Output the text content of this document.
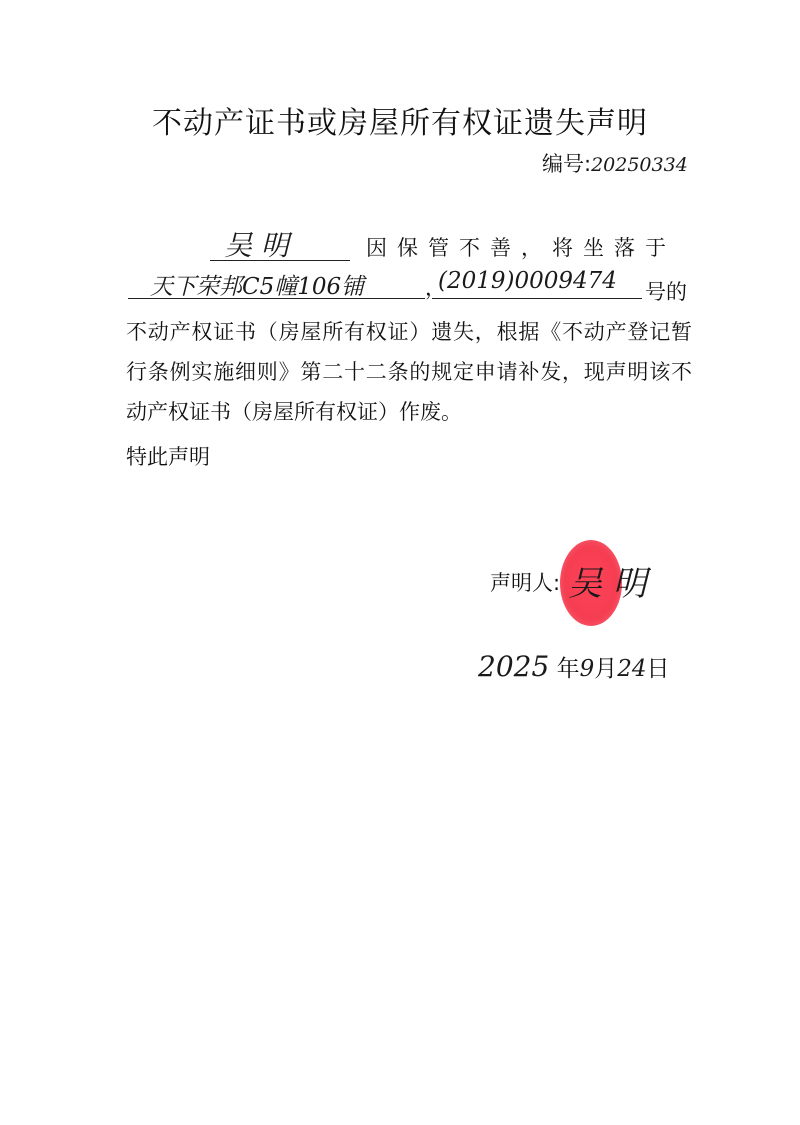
不动产证书或房屋所有权证遗失声明
编号:20250334
吴 明	因保管不善，将坐落于
天下荣邦C5幢106铺	，
(2019)0009474 号的
不动产权证书（房屋所有权证）遗失，根据《不动产登记暂行条例实施细则》第二十二条的规定申请补发，现声明该不动产权证书（房屋所有权证）作废。
特此声明
声明人: 吴 明
2025 年9月24日
